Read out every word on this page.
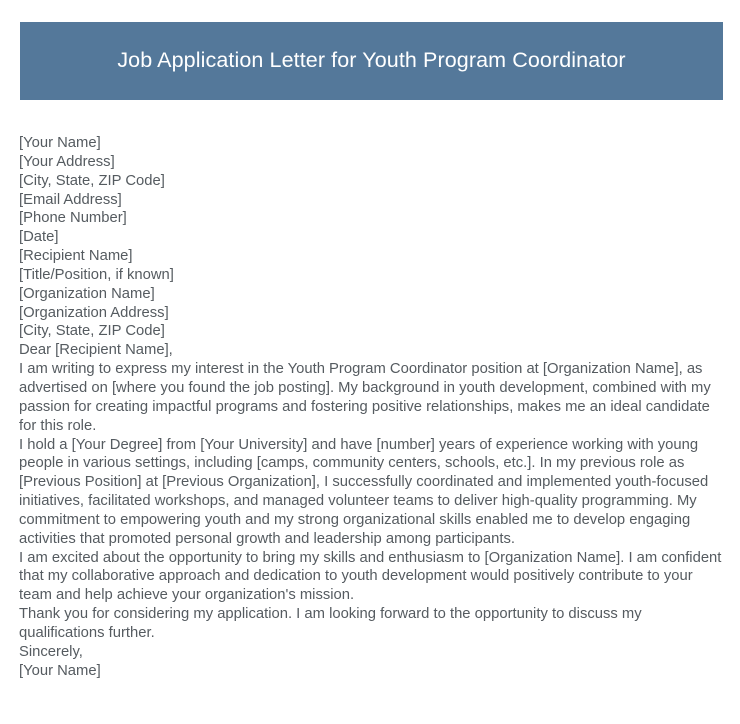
Job Application Letter for Youth Program Coordinator
[Your Name]
[Your Address]
[City, State, ZIP Code]
[Email Address]
[Phone Number]
[Date]
[Recipient Name]
[Title/Position, if known]
[Organization Name]
[Organization Address]
[City, State, ZIP Code]
Dear [Recipient Name],

I am writing to express my interest in the Youth Program Coordinator position at [Organization Name], as advertised on [where you found the job posting]. My background in youth development, combined with my passion for creating impactful programs and fostering positive relationships, makes me an ideal candidate for this role.

I hold a [Your Degree] from [Your University] and have [number] years of experience working with young people in various settings, including [camps, community centers, schools, etc.]. In my previous role as [Previous Position] at [Previous Organization], I successfully coordinated and implemented youth-focused initiatives, facilitated workshops, and managed volunteer teams to deliver high-quality programming. My commitment to empowering youth and my strong organizational skills enabled me to develop engaging activities that promoted personal growth and leadership among participants.

I am excited about the opportunity to bring my skills and enthusiasm to [Organization Name]. I am confident that my collaborative approach and dedication to youth development would positively contribute to your team and help achieve your organization's mission.

Thank you for considering my application. I am looking forward to the opportunity to discuss my qualifications further.

Sincerely,
[Your Name]
